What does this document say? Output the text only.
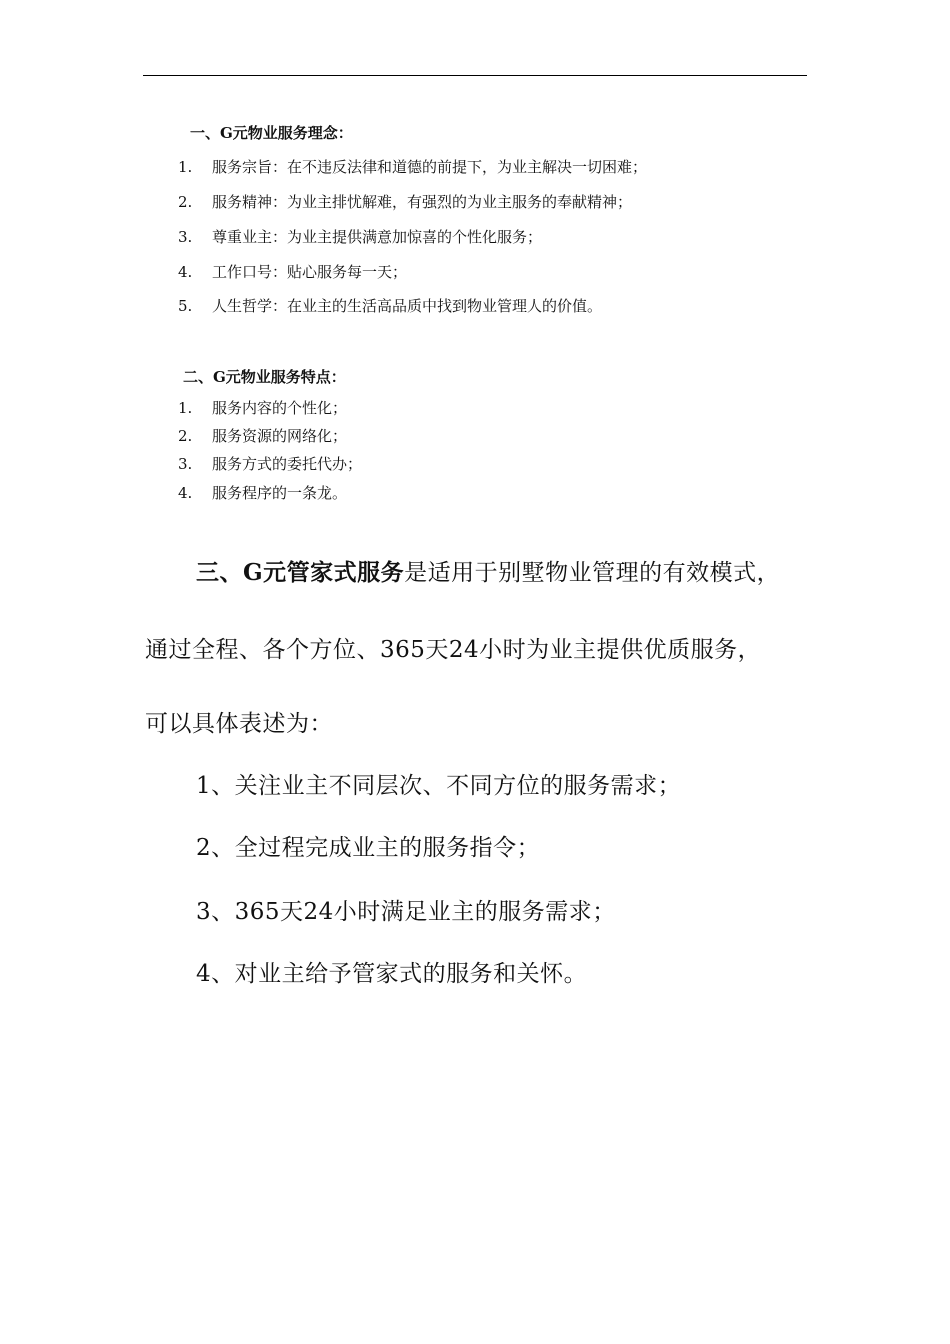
一、G元物业服务理念：
1.	服务宗旨：在不违反法律和道德的前提下，为业主解决一切困难；
2.	服务精神：为业主排忧解难，有强烈的为业主服务的奉献精神；
3.	尊重业主：为业主提供满意加惊喜的个性化服务；
4.	工作口号：贴心服务每一天；
5.	人生哲学：在业主的生活高品质中找到物业管理人的价值。
二、G元物业服务特点：
1.	服务内容的个性化；
2.	服务资源的网络化；
3.	服务方式的委托代办；
4.	服务程序的一条龙。
三、G元管家式服务是适用于别墅物业管理的有效模式，
通过全程、各个方位、365天24小时为业主提供优质服务，
可以具体表述为：
1、关注业主不同层次、不同方位的服务需求；
2、全过程完成业主的服务指令；
3、365天24小时满足业主的服务需求；
4、对业主给予管家式的服务和关怀。
